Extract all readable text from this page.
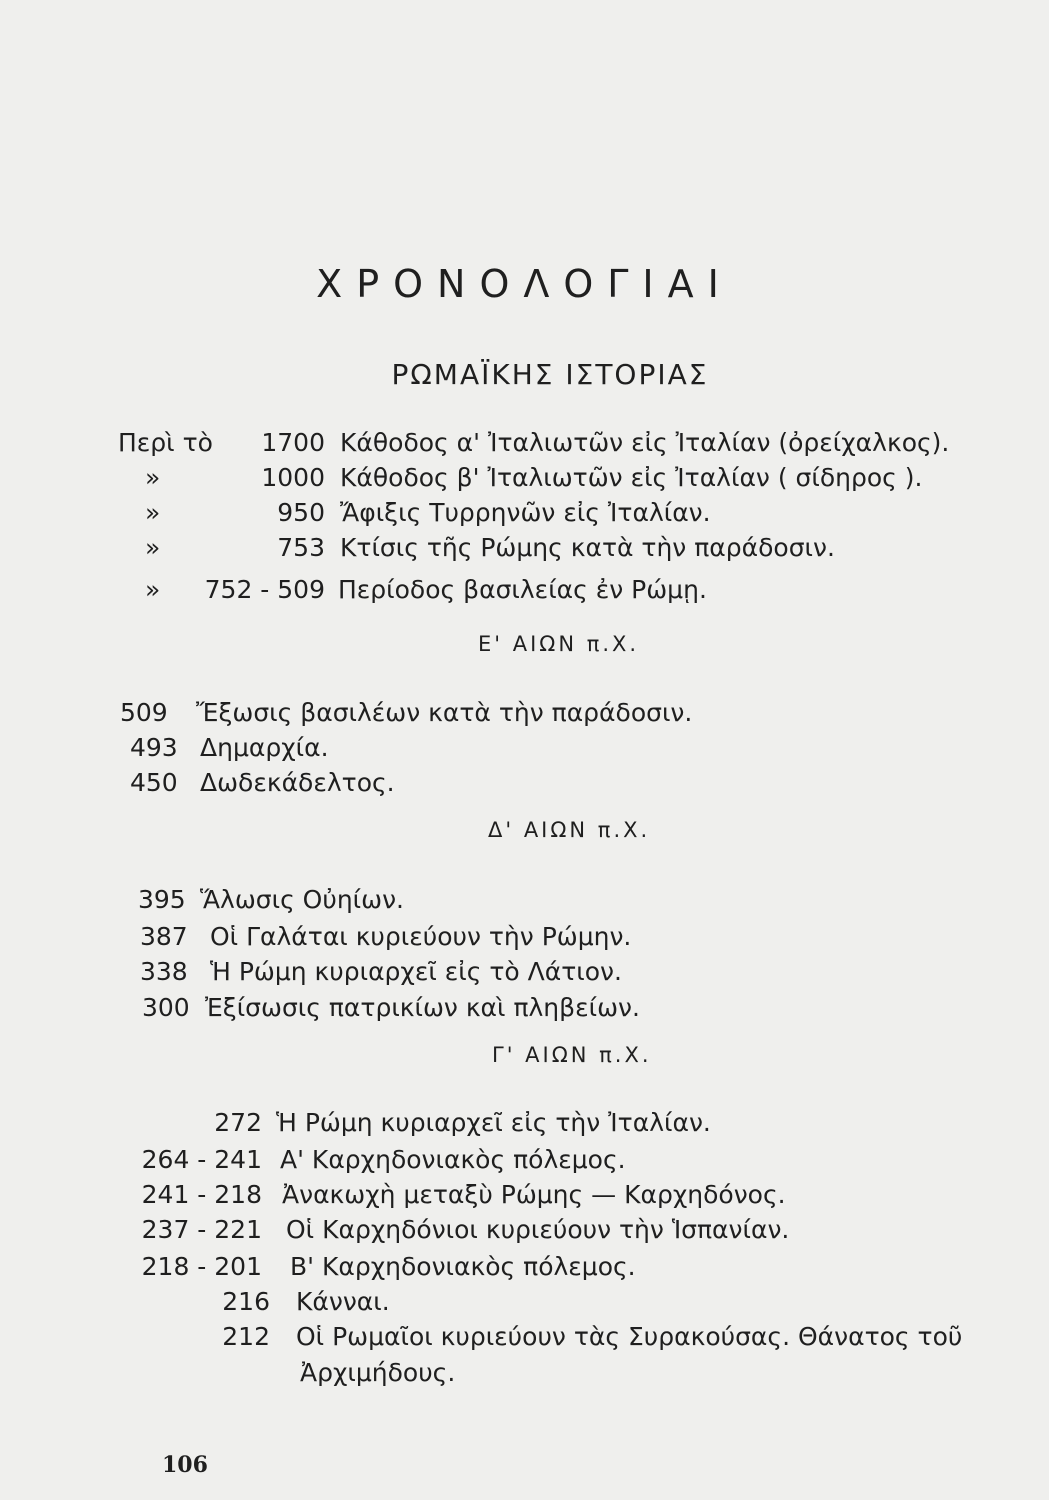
ΧΡΟΝΟΛΟΓΙΑΙ
ΡΩΜΑΪΚΗΣ ΙΣΤΟΡΙΑΣ
Περὶ τὸ	1700 Κάθοδος α' Ἰταλιωτῶν εἰς Ἰταλίαν (ὀρείχαλκος).
»	1000 Κάθοδος β' Ἰταλιωτῶν εἰς Ἰταλίαν ( σίδηρος ).
»	950 Ἄφιξις Τυρρηνῶν εἰς Ἰταλίαν.
»	753 Κτίσις τῆς Ρώμης κατὰ τὴν παράδοσιν.
»	752 - 509 Περίοδος βασιλείας ἐν Ρώμῃ.
Ε' ΑΙΩΝ π.Χ.
509	Ἔξωσις βασιλέων κατὰ τὴν παράδοσιν.
493 Δημαρχία.
450 Δωδεκάδελτος.
Δ' ΑΙΩΝ π.Χ.
395 Ἅλωσις Οὐηίων.
387 Οἱ Γαλάται κυριεύουν τὴν Ρώμην.
338 Ἡ Ρώμη κυριαρχεῖ εἰς τὸ Λάτιον.
300 Ἐξίσωσις πατρικίων καὶ πληβείων.
Γ' ΑΙΩΝ π.Χ.
272 Ἡ Ρώμη κυριαρχεῖ εἰς τὴν Ἰταλίαν.
264 - 241 Α' Καρχηδονιακὸς πόλεμος.
241 - 218 Ἀνακωχὴ μεταξὺ Ρώμης — Καρχηδόνος.
237 - 221 Οἱ Καρχηδόνιοι κυριεύουν τὴν Ἱσπανίαν.
218 - 201 Β' Καρχηδονιακὸς πόλεμος.
216 Κάνναι.
212 Οἱ Ρωμαῖοι κυριεύουν τὰς Συρακούσας. Θάνατος τοῦ
Ἀρχιμήδους.
106
